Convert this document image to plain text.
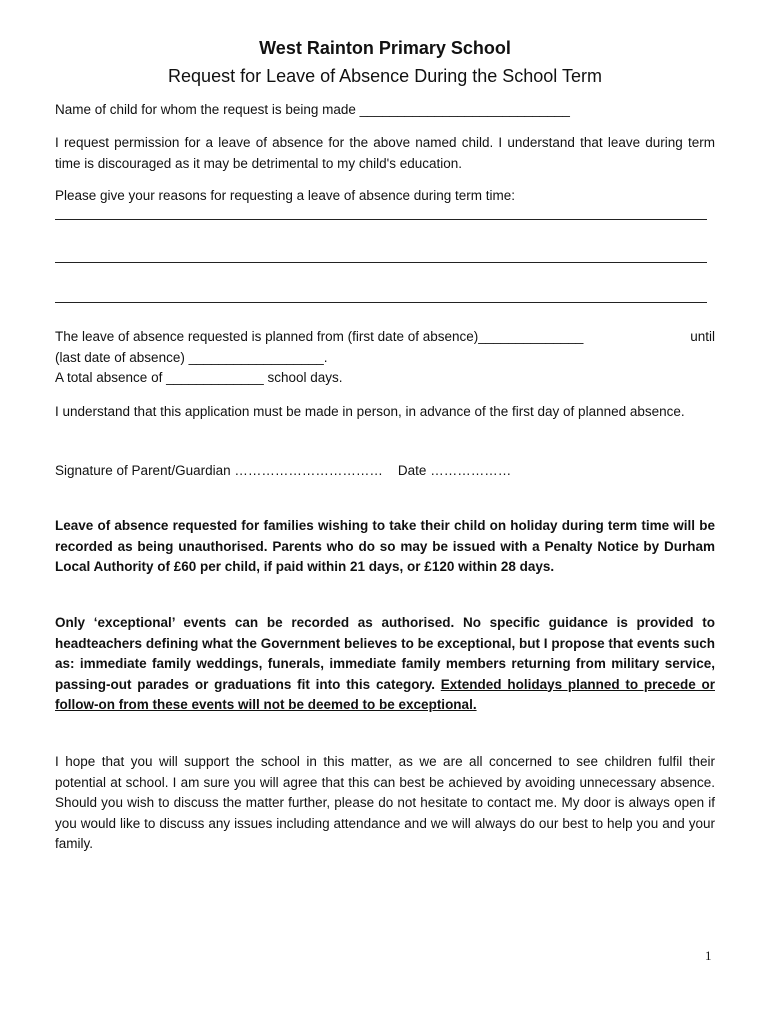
West Rainton Primary School
Request for Leave of Absence During the School Term
Name of child for whom the request is being made ____________________________
I request permission for a leave of absence for the above named child. I understand that leave during term time is discouraged as it may be detrimental to my child's education.
Please give your reasons for requesting a leave of absence during term time:
The leave of absence requested is planned from (first date of absence)______________	until
(last date of absence) __________________.
A total absence of _____________ school days.
I understand that this application must be made in person, in advance of the first day of planned absence.
Signature of Parent/Guardian …………………………… Date ………………
Leave of absence requested for families wishing to take their child on holiday during term time will be recorded as being unauthorised. Parents who do so may be issued with a Penalty Notice by Durham Local Authority of £60 per child, if paid within 21 days, or £120 within 28 days.
Only ‘exceptional’ events can be recorded as authorised. No specific guidance is provided to headteachers defining what the Government believes to be exceptional, but I propose that events such as: immediate family weddings, funerals, immediate family members returning from military service, passing-out parades or graduations fit into this category. Extended holidays planned to precede or follow-on from these events will not be deemed to be exceptional.
I hope that you will support the school in this matter, as we are all concerned to see children fulfil their potential at school. I am sure you will agree that this can best be achieved by avoiding unnecessary absence. Should you wish to discuss the matter further, please do not hesitate to contact me. My door is always open if you would like to discuss any issues including attendance and we will always do our best to help you and your family.
1
